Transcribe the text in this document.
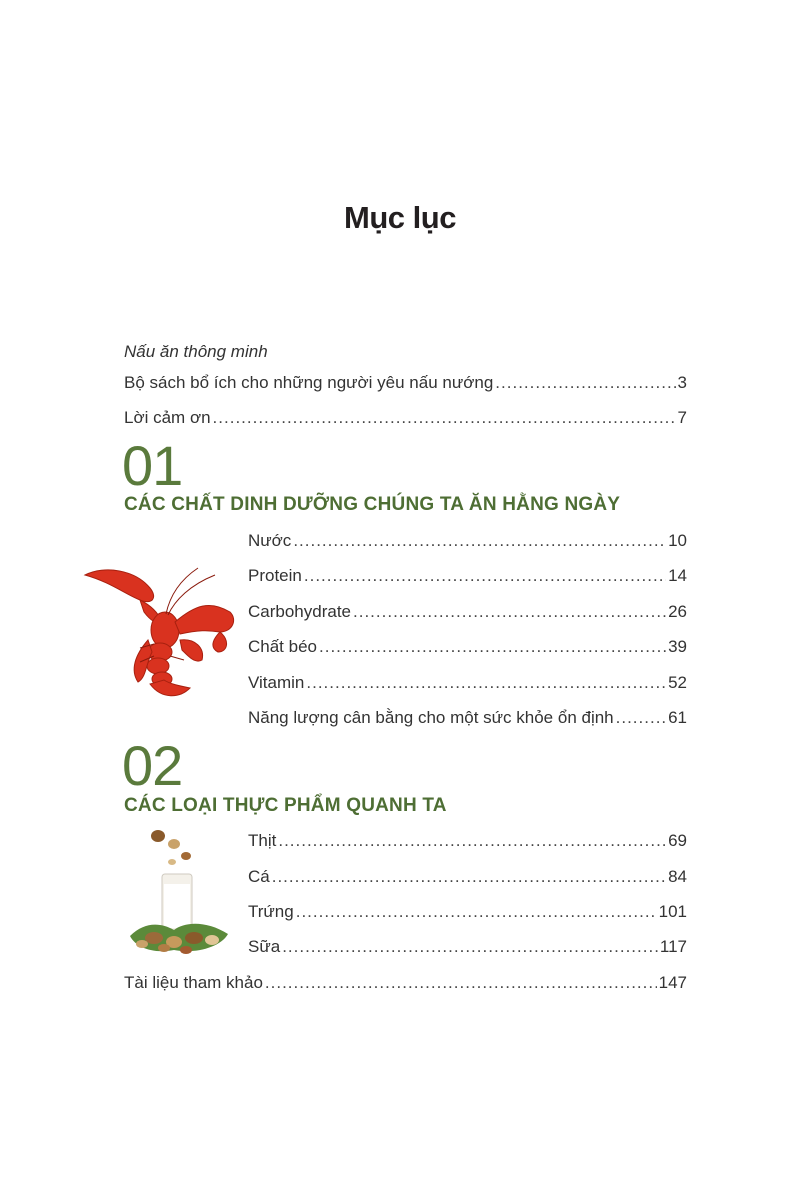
Mục lục
Nấu ăn thông minh
Bộ sách bổ ích cho những người yêu nấu nướng .....	3
Lời cảm ơn .....	7
01
CÁC CHẤT DINH DƯỠNG CHÚNG TA ĂN HẰNG NGÀY
Nước .....	10
Protein .....	14
Carbohydrate .....	26
Chất béo .....	39
Vitamin .....	52
Năng lượng cân bằng cho một sức khỏe ổn định .....	61
02
CÁC LOẠI THỰC PHẨM QUANH TA
Thịt .....	69
Cá .....	84
Trứng .....	101
Sữa .....	117
Tài liệu tham khảo .....	147
